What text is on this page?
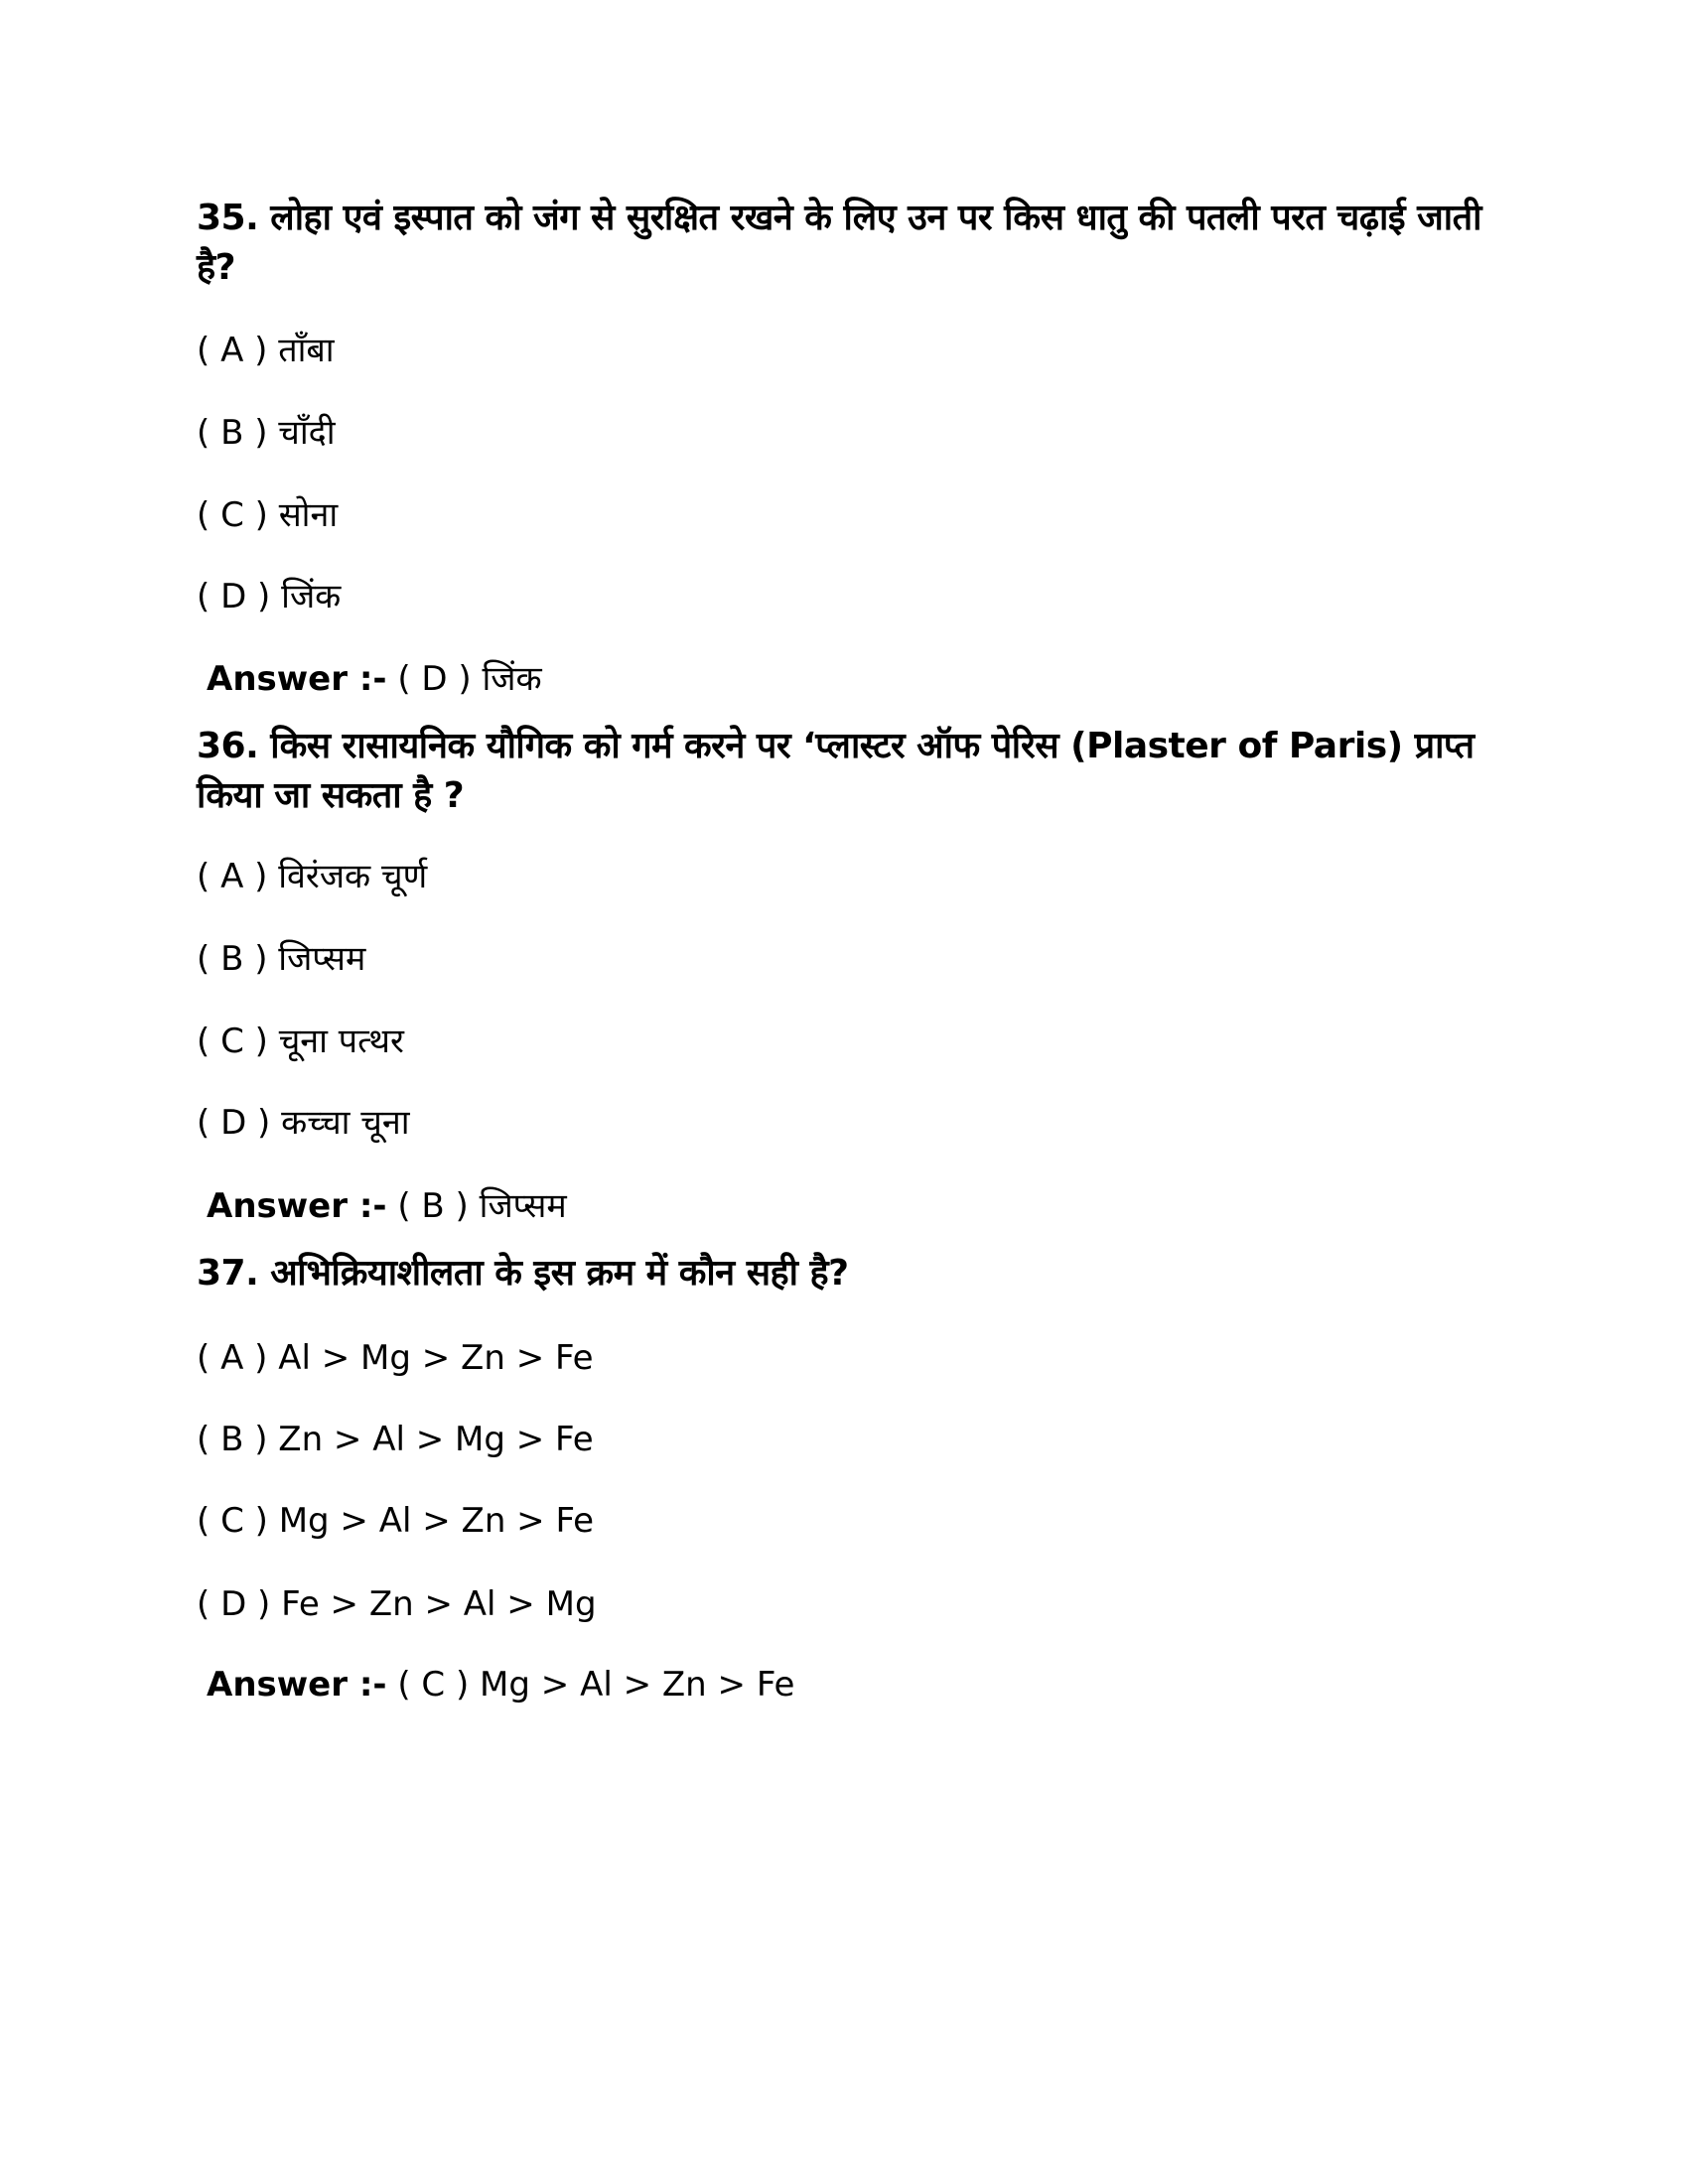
35. लोहा एवं इस्पात को जंग से सुरक्षित रखने के लिए उन पर किस धातु की पतली परत चढ़ाई जाती है?
( A ) ताँबा
( B ) चाँदी
( C ) सोना
( D ) जिंक
Answer :- ( D ) जिंक
36. किस रासायनिक यौगिक को गर्म करने पर ‘प्लास्टर ऑफ पेरिस (Plaster of Paris) प्राप्त किया जा सकता है ?
( A ) विरंजक चूर्ण
( B ) जिप्सम
( C ) चूना पत्थर
( D ) कच्चा चूना
Answer :- ( B ) जिप्सम
37. अभिक्रियाशीलता के इस क्रम में कौन सही है?
( A ) Al > Mg > Zn > Fe
( B ) Zn > Al > Mg > Fe
( C ) Mg > Al > Zn > Fe
( D ) Fe > Zn > Al > Mg
Answer :- ( C ) Mg > Al > Zn > Fe
